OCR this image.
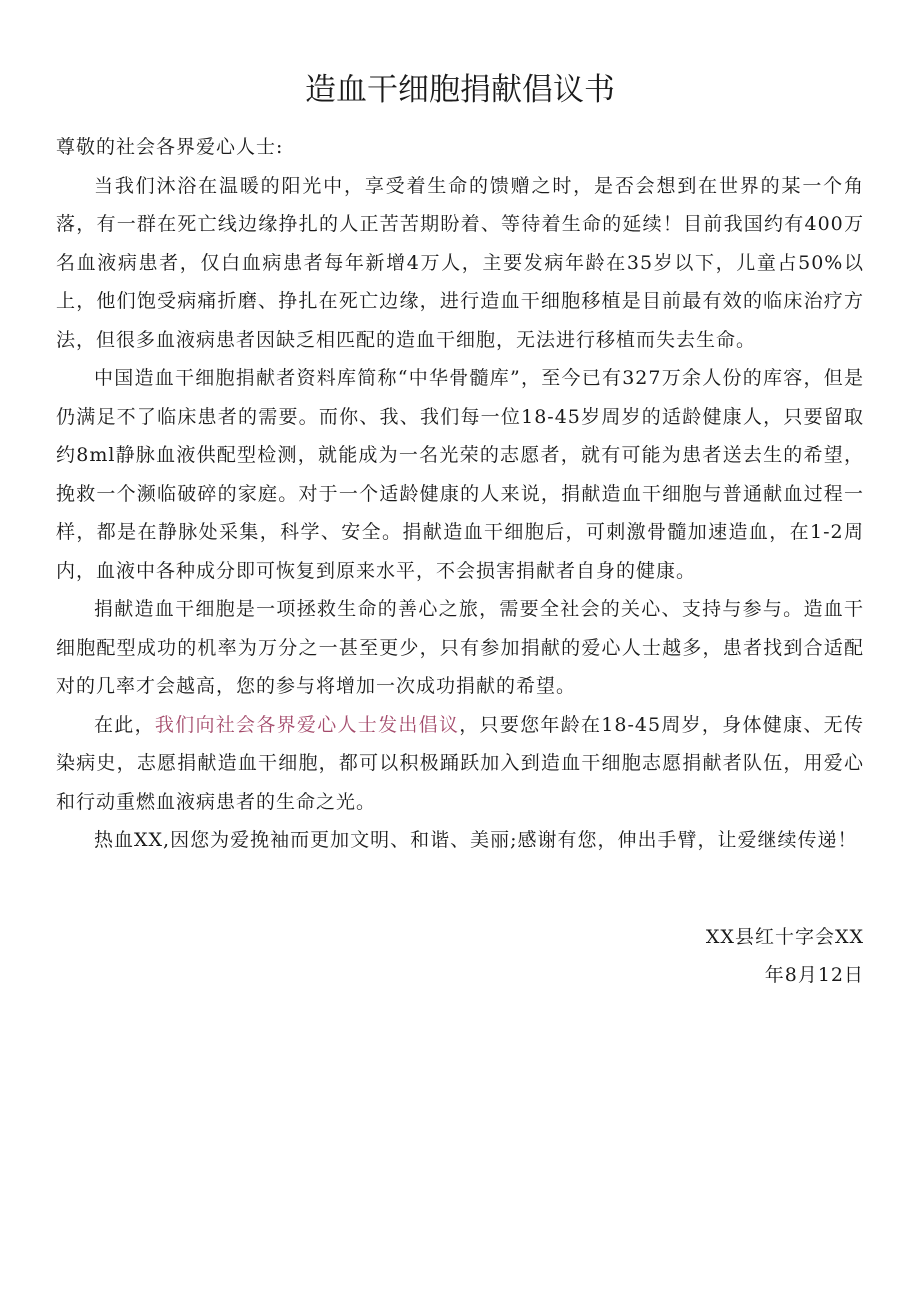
造血干细胞捐献倡议书

尊敬的社会各界爱心人士:

当我们沐浴在温暖的阳光中，享受着生命的馈赠之时，是否会想到在世界的某一个角落，有一群在死亡线边缘挣扎的人正苦苦期盼着、等待着生命的延续！目前我国约有400万名血液病患者，仅白血病患者每年新增4万人，主要发病年龄在35岁以下，儿童占50%以上，他们饱受病痛折磨、挣扎在死亡边缘，进行造血干细胞移植是目前最有效的临床治疗方法，但很多血液病患者因缺乏相匹配的造血干细胞，无法进行移植而失去生命。

中国造血干细胞捐献者资料库简称“中华骨髓库”，至今已有327万余人份的库容，但是仍满足不了临床患者的需要。而你、我、我们每一位18-45岁周岁的适龄健康人，只要留取约8ml静脉血液供配型检测，就能成为一名光荣的志愿者，就有可能为患者送去生的希望，挽救一个濒临破碎的家庭。对于一个适龄健康的人来说，捐献造血干细胞与普通献血过程一样，都是在静脉处采集，科学、安全。捐献造血干细胞后，可刺激骨髓加速造血，在1-2周内，血液中各种成分即可恢复到原来水平，不会损害捐献者自身的健康。

捐献造血干细胞是一项拯救生命的善心之旅，需要全社会的关心、支持与参与。造血干细胞配型成功的机率为万分之一甚至更少，只有参加捐献的爱心人士越多，患者找到合适配对的几率才会越高，您的参与将增加一次成功捐献的希望。

在此，我们向社会各界爱心人士发出倡议，只要您年龄在18-45周岁，身体健康、无传染病史，志愿捐献造血干细胞，都可以积极踊跃加入到造血干细胞志愿捐献者队伍，用爱心和行动重燃血液病患者的生命之光。

热血XX,因您为爱挽袖而更加文明、和谐、美丽;感谢有您，伸出手臂，让爱继续传递！

XX县红十字会XX
年8月12日
